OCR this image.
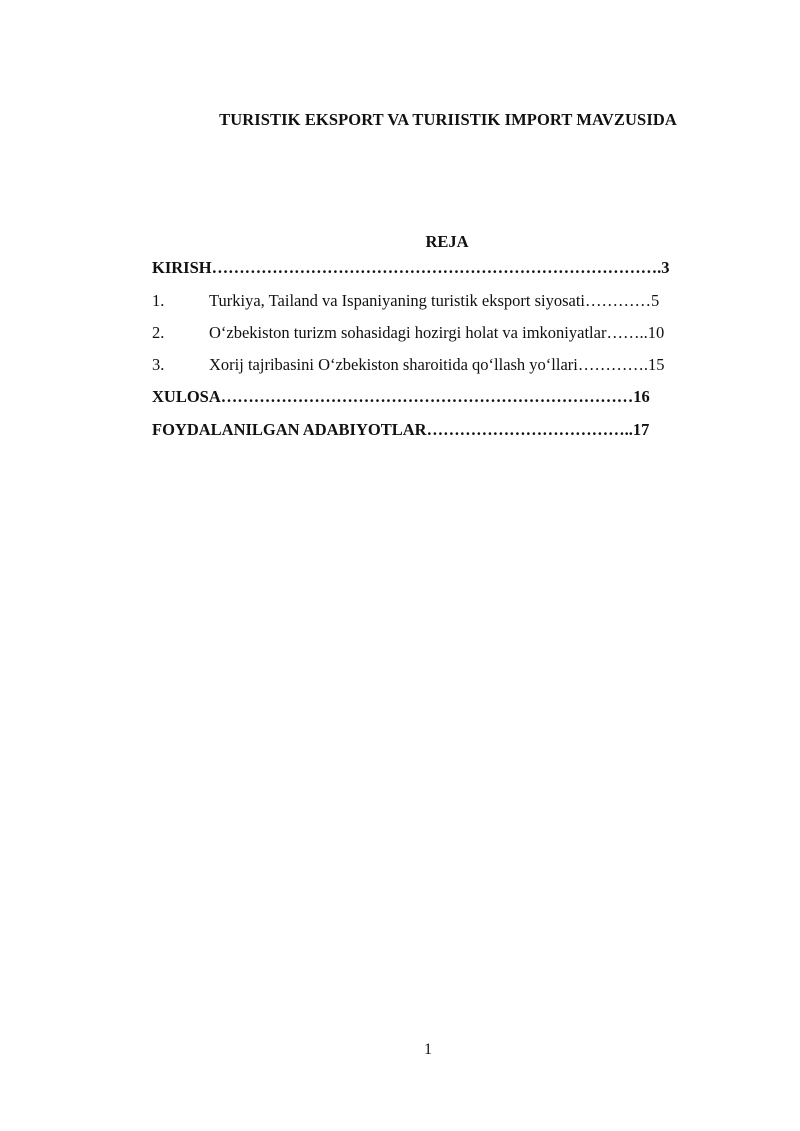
TURISTIK EKSPORT VA TURIISTIK IMPORT MAVZUSIDA
REJA
KIRISH……………………………………………………………………….3
1.	Turkiya, Tailand va Ispaniyaning turistik eksport siyosati…………5
2.	O‘zbekiston turizm sohasidagi hozirgi holat va imkoniyatlar……..10
3.	Xorij tajribasini O‘zbekiston sharoitida qo‘llash yo‘llari………….15
XULOSA…………………………………………………………………16
FOYDALANILGAN ADABIYOTLAR………………………………..17
1
